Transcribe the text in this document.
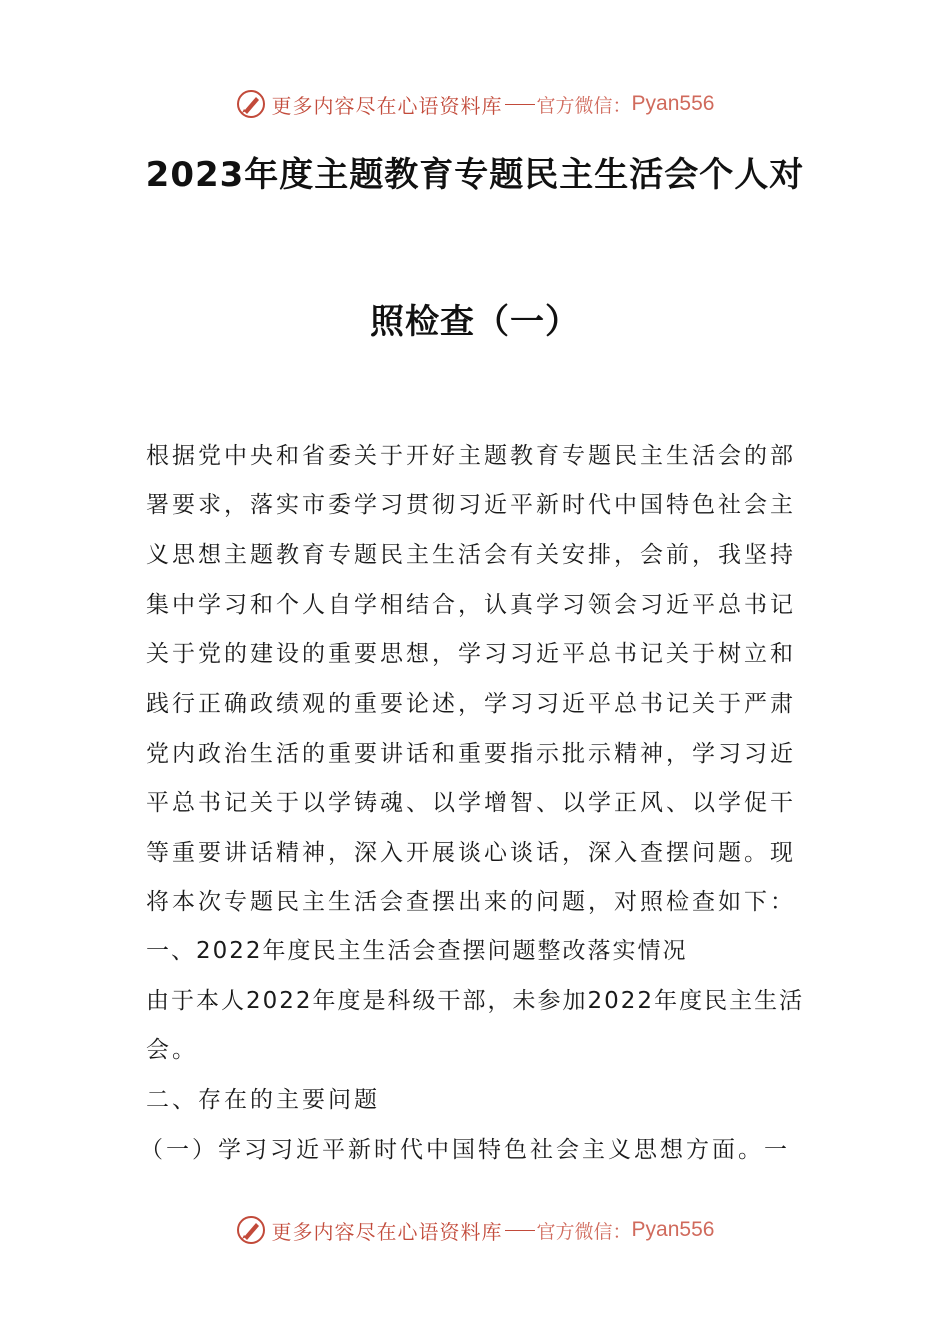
更多内容尽在心语资料库 官方微信： Pyan556
2023年度主题教育专题民主生活会个人对
照检查（一）
根据党中央和省委关于开好主题教育专题民主生活会的部
署要求，落实市委学习贯彻习近平新时代中国特色社会主
义思想主题教育专题民主生活会有关安排，会前，我坚持
集中学习和个人自学相结合，认真学习领会习近平总书记
关于党的建设的重要思想，学习习近平总书记关于树立和
践行正确政绩观的重要论述，学习习近平总书记关于严肃
党内政治生活的重要讲话和重要指示批示精神，学习习近
平总书记关于以学铸魂、以学增智、以学正风、以学促干
等重要讲话精神，深入开展谈心谈话，深入查摆问题。现
将本次专题民主生活会查摆出来的问题，对照检查如下：
一、2022年度民主生活会查摆问题整改落实情况
由于本人2022年度是科级干部，未参加2022年度民主生活
会。
二、存在的主要问题
（一）学习习近平新时代中国特色社会主义思想方面。一
更多内容尽在心语资料库 官方微信： Pyan556
